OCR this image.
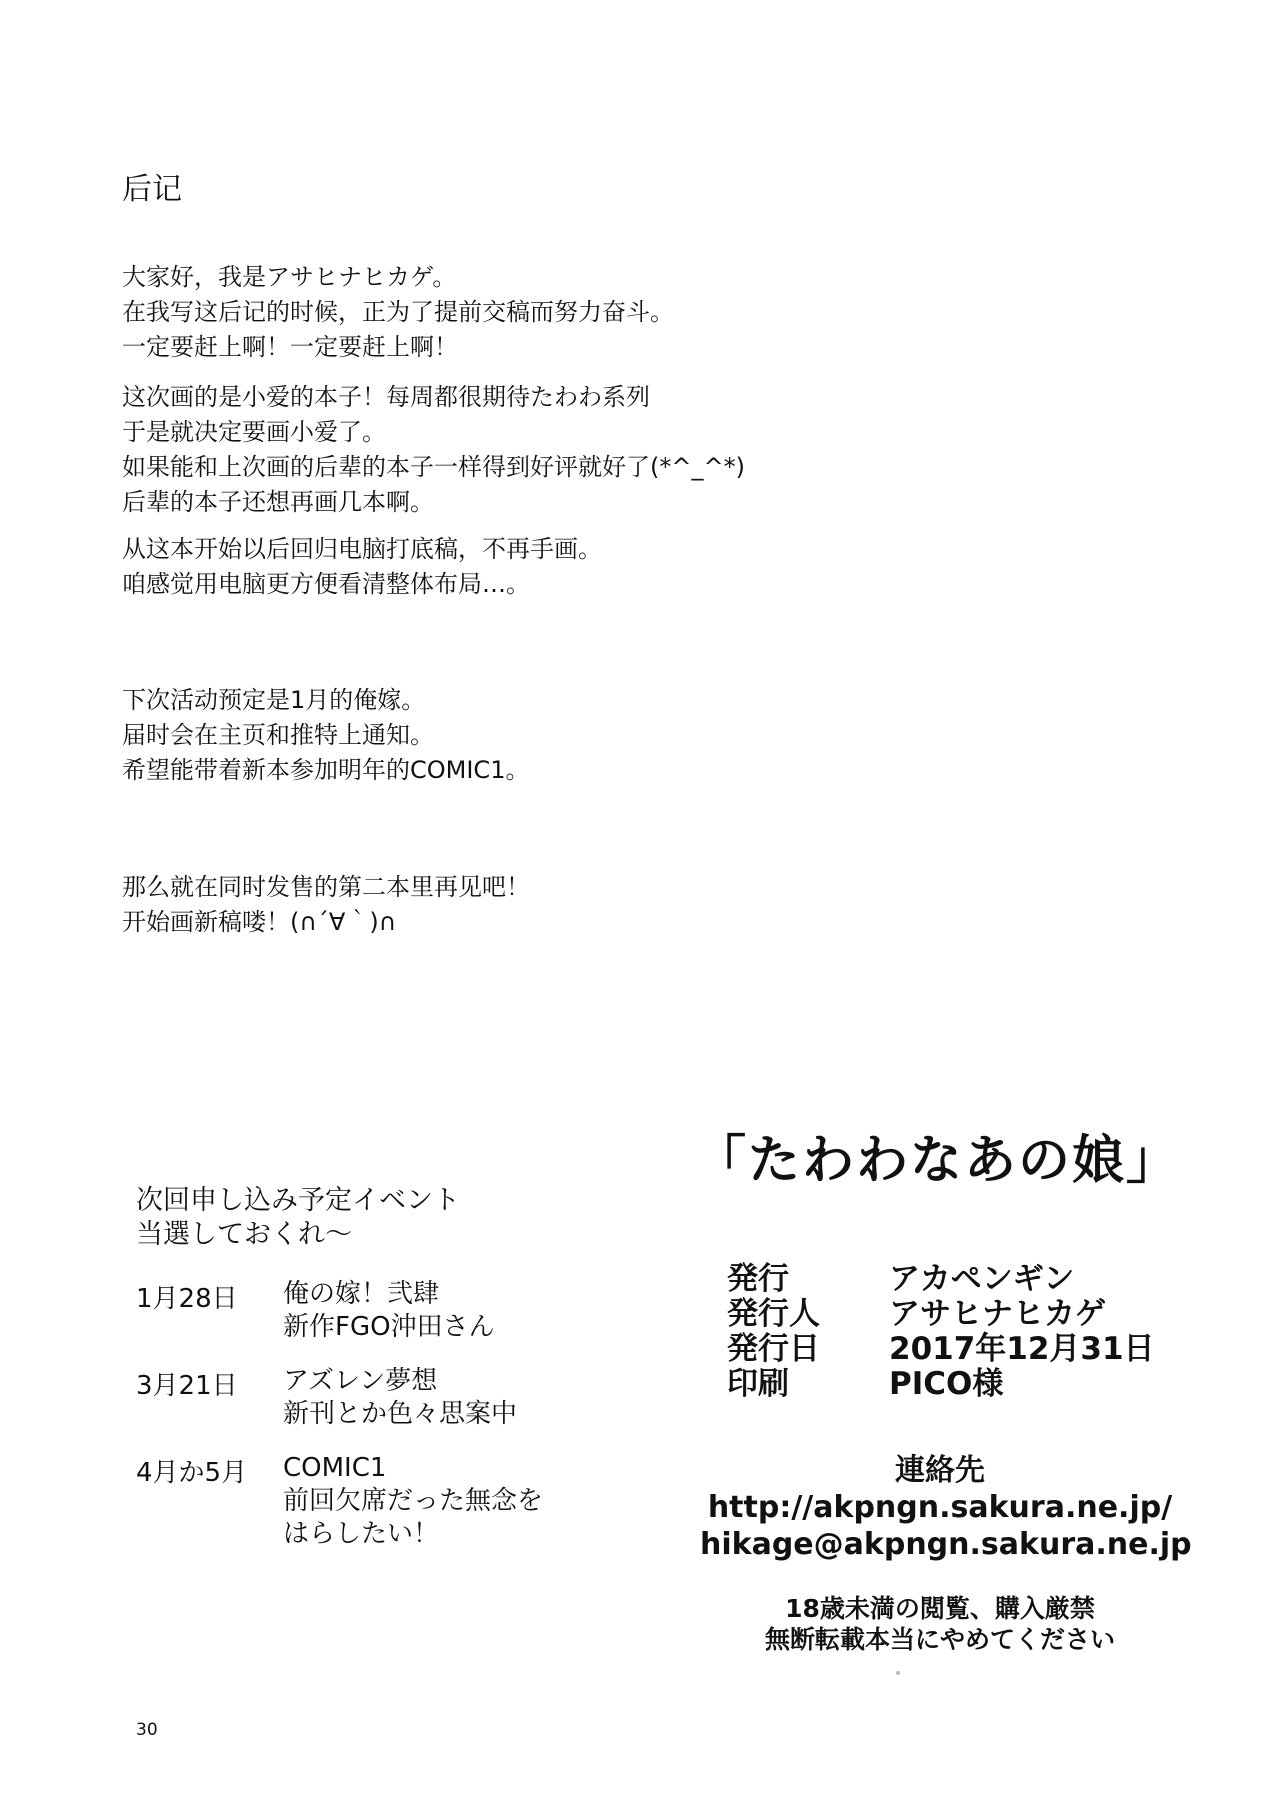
后记
大家好，我是アサヒナヒカゲ。
在我写这后记的时候，正为了提前交稿而努力奋斗。
一定要赶上啊！一定要赶上啊！
这次画的是小爱的本子！每周都很期待たわわ系列
于是就决定要画小爱了。
如果能和上次画的后辈的本子一样得到好评就好了(*^_^*)
后辈的本子还想再画几本啊。
从这本开始以后回归电脑打底稿，不再手画。
咱感觉用电脑更方便看清整体布局…。
下次活动预定是1月的俺嫁。
届时会在主页和推特上通知。
希望能带着新本参加明年的COMIC1。
那么就在同时发售的第二本里再见吧！
开始画新稿喽！(∩´∀｀)∩
「たわわなあの娘」
次回申し込み予定イベント
当選しておくれ～
1月28日 俺の嫁！弐肆
新作FGO沖田さん
3月21日 アズレン夢想
新刊とか色々思案中
4月か5月 COMIC1
前回欠席だった無念を
はらしたい！
発行	アカペンギン
発行人	アサヒナヒカゲ
発行日	2017年12月31日
印刷	PICO様
連絡先
http://akpngn.sakura.ne.jp/
hikage@akpngn.sakura.ne.jp
18歳未満の閲覧、購入厳禁
無断転載本当にやめてください
30
